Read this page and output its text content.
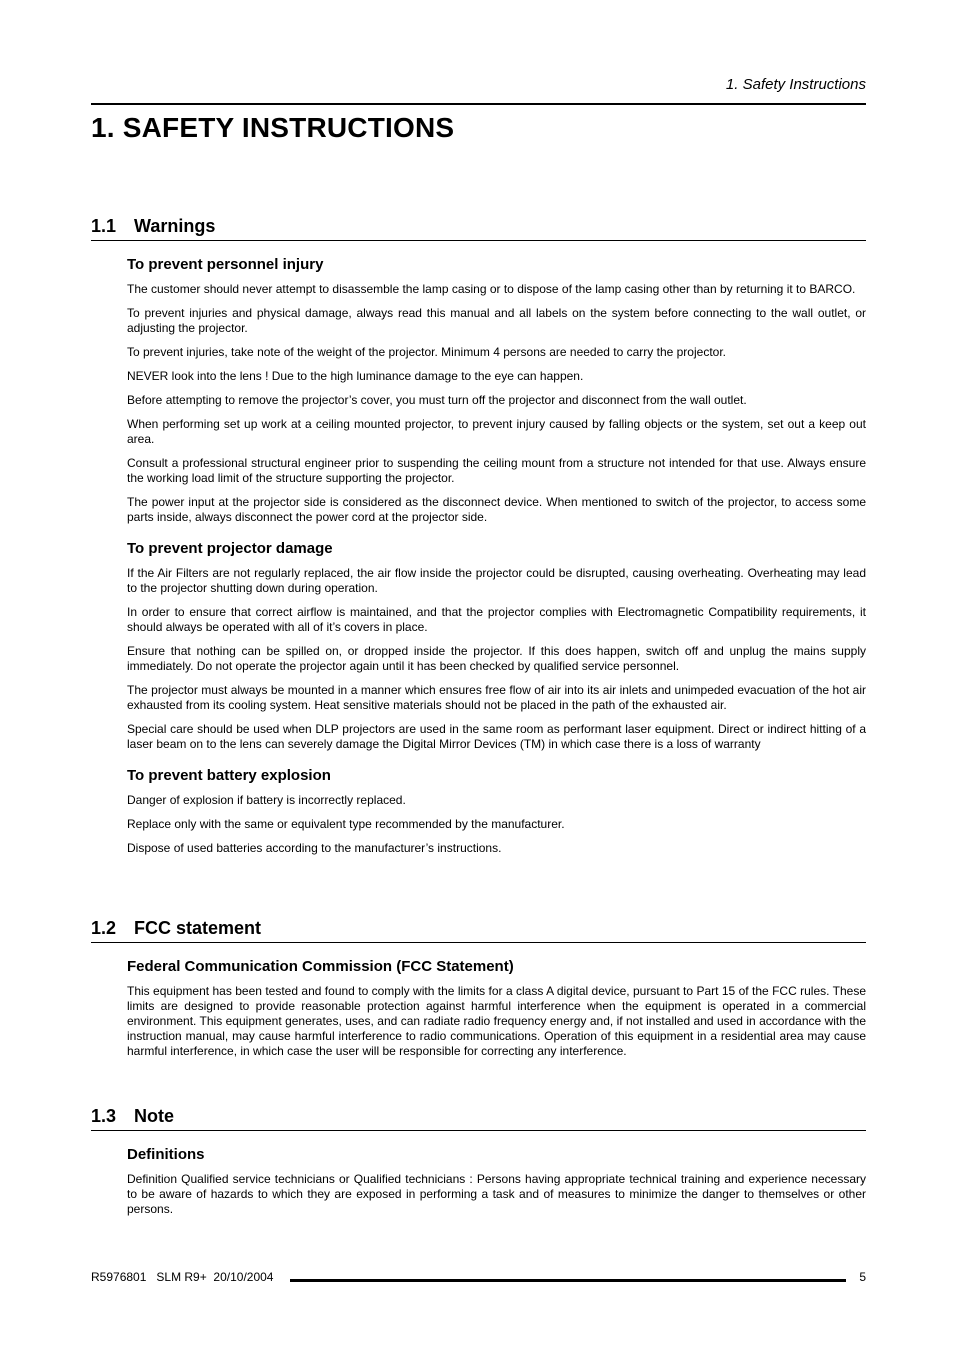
1. Safety Instructions
1. SAFETY INSTRUCTIONS
1.1 Warnings
To prevent personnel injury

The customer should never attempt to disassemble the lamp casing or to dispose of the lamp casing other than by returning it to BARCO.

To prevent injuries and physical damage, always read this manual and all labels on the system before connecting to the wall outlet, or adjusting the projector.

To prevent injuries, take note of the weight of the projector. Minimum 4 persons are needed to carry the projector.

NEVER look into the lens ! Due to the high luminance damage to the eye can happen.

Before attempting to remove the projector’s cover, you must turn off the projector and disconnect from the wall outlet.

When performing set up work at a ceiling mounted projector, to prevent injury caused by falling objects or the system, set out a keep out area.

Consult a professional structural engineer prior to suspending the ceiling mount from a structure not intended for that use. Always ensure the working load limit of the structure supporting the projector.

The power input at the projector side is considered as the disconnect device. When mentioned to switch of the projector, to access some parts inside, always disconnect the power cord at the projector side.

To prevent projector damage

If the Air Filters are not regularly replaced, the air flow inside the projector could be disrupted, causing overheating. Overheating may lead to the projector shutting down during operation.

In order to ensure that correct airflow is maintained, and that the projector complies with Electromagnetic Compatibility requirements, it should always be operated with all of it’s covers in place.

Ensure that nothing can be spilled on, or dropped inside the projector. If this does happen, switch off and unplug the mains supply immediately. Do not operate the projector again until it has been checked by qualified service personnel.

The projector must always be mounted in a manner which ensures free flow of air into its air inlets and unimpeded evacuation of the hot air exhausted from its cooling system. Heat sensitive materials should not be placed in the path of the exhausted air.

Special care should be used when DLP projectors are used in the same room as performant laser equipment. Direct or indirect hitting of a laser beam on to the lens can severely damage the Digital Mirror Devices (TM) in which case there is a loss of warranty

To prevent battery explosion

Danger of explosion if battery is incorrectly replaced.

Replace only with the same or equivalent type recommended by the manufacturer.

Dispose of used batteries according to the manufacturer’s instructions.

1.2 FCC statement
Federal Communication Commission (FCC Statement)

This equipment has been tested and found to comply with the limits for a class A digital device, pursuant to Part 15 of the FCC rules. These limits are designed to provide reasonable protection against harmful interference when the equipment is operated in a commercial environment. This equipment generates, uses, and can radiate radio frequency energy and, if not installed and used in accordance with the instruction manual, may cause harmful interference to radio communications. Operation of this equipment in a residential area may cause harmful interference, in which case the user will be responsible for correcting any interference.

1.3 Note
Definitions

Definition Qualified service technicians or Qualified technicians : Persons having appropriate technical training and experience necessary to be aware of hazards to which they are exposed in performing a task and of measures to minimize the danger to themselves or other persons.

R5976801   SLM R9+  20/10/2004	5
